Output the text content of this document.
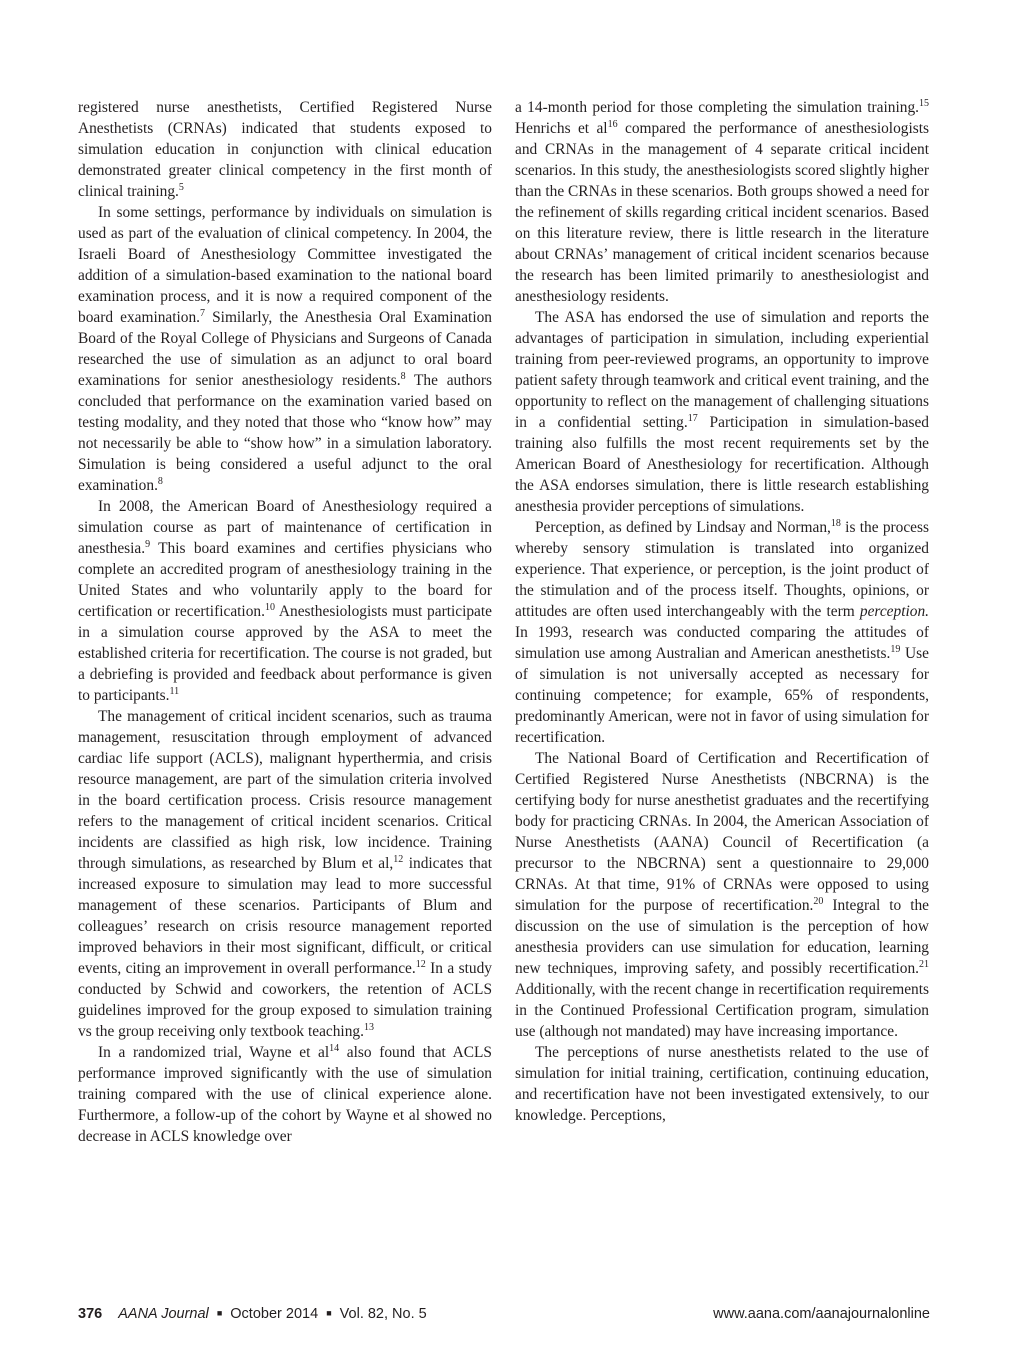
registered nurse anesthetists, Certified Registered Nurse Anesthetists (CRNAs) indicated that students exposed to simulation education in conjunction with clinical education demonstrated greater clinical competency in the first month of clinical training.$^5$

In some settings, performance by individuals on simulation is used as part of the evaluation of clinical competency. In 2004, the Israeli Board of Anesthesiology Committee investigated the addition of a simulation-based examination to the national board examination process, and it is now a required component of the board examination.$^7$ Similarly, the Anesthesia Oral Examination Board of the Royal College of Physicians and Surgeons of Canada researched the use of simulation as an adjunct to oral board examinations for senior anesthesiology residents.$^8$ The authors concluded that performance on the examination varied based on testing modality, and they noted that those who “know how” may not necessarily be able to “show how” in a simulation laboratory. Simulation is being considered a useful adjunct to the oral examination.$^8$

In 2008, the American Board of Anesthesiology required a simulation course as part of maintenance of certification in anesthesia.$^9$ This board examines and certifies physicians who complete an accredited program of anesthesiology training in the United States and who voluntarily apply to the board for certification or recertification.$^{10}$ Anesthesiologists must participate in a simulation course approved by the ASA to meet the established criteria for recertification. The course is not graded, but a debriefing is provided and feedback about performance is given to participants.$^{11}$

The management of critical incident scenarios, such as trauma management, resuscitation through employment of advanced cardiac life support (ACLS), malignant hyperthermia, and crisis resource management, are part of the simulation criteria involved in the board certification process. Crisis resource management refers to the management of critical incident scenarios. Critical incidents are classified as high risk, low incidence. Training through simulations, as researched by Blum et al,$^{12}$ indicates that increased exposure to simulation may lead to more successful management of these scenarios. Participants of Blum and colleagues’ research on crisis resource management reported improved behaviors in their most significant, difficult, or critical events, citing an improvement in overall performance.$^{12}$ In a study conducted by Schwid and coworkers, the retention of ACLS guidelines improved for the group exposed to simulation training vs the group receiving only textbook teaching.$^{13}$

In a randomized trial, Wayne et $al^{14}$ also found that ACLS performance improved significantly with the use of simulation training compared with the use of clinical experience alone. Furthermore, a follow-up of the cohort by Wayne et al showed no decrease in ACLS knowledge over

a 14-month period for those completing the simulation training.$^{15}$ Henrichs et $al^{16}$ compared the performance of anesthesiologists and CRNAs in the management of 4 separate critical incident scenarios. In this study, the anesthesiologists scored slightly higher than the CRNAs in these scenarios. Both groups showed a need for the refinement of skills regarding critical incident scenarios. Based on this literature review, there is little research in the literature about CRNAs’ management of critical incident scenarios because the research has been limited primarily to anesthesiologist and anesthesiology residents.

The ASA has endorsed the use of simulation and reports the advantages of participation in simulation, including experiential training from peer-reviewed programs, an opportunity to improve patient safety through teamwork and critical event training, and the opportunity to reflect on the management of challenging situations in a confidential setting.$^{17}$ Participation in simulation-based training also fulfills the most recent requirements set by the American Board of Anesthesiology for recertification. Although the ASA endorses simulation, there is little research establishing anesthesia provider perceptions of simulations.

Perception, as defined by Lindsay and Norman,$^{18}$ is the process whereby sensory stimulation is translated into organized experience. That experience, or perception, is the joint product of the stimulation and of the process itself. Thoughts, opinions, or attitudes are often used interchangeably with the term perception. In 1993, research was conducted comparing the attitudes of simulation use among Australian and American anesthetists.$^{19}$ Use of simulation is not universally accepted as necessary for continuing competence; for example, 65% of respondents, predominantly American, were not in favor of using simulation for recertification.

The National Board of Certification and Recertification of Certified Registered Nurse Anesthetists (NBCRNA) is the certifying body for nurse anesthetist graduates and the recertifying body for practicing CRNAs. In 2004, the American Association of Nurse Anesthetists (AANA) Council of Recertification (a precursor to the NBCRNA) sent a questionnaire to 29,000 CRNAs. At that time, 91% of CRNAs were opposed to using simulation for the purpose of recertification.$^{20}$ Integral to the discussion on the use of simulation is the perception of how anesthesia providers can use simulation for education, learning new techniques, improving safety, and possibly recertification.$^{21}$ Additionally, with the recent change in recertification requirements in the Continued Professional Certification program, simulation use (although not mandated) may have increasing importance.

The perceptions of nurse anesthetists related to the use of simulation for initial training, certification, continuing education, and recertification have not been investigated extensively, to our knowledge. Perceptions,

376 AANA Journal ■ October 2014 ■ Vol. 82, No. 5	www.aana.com/aanajournalonline
